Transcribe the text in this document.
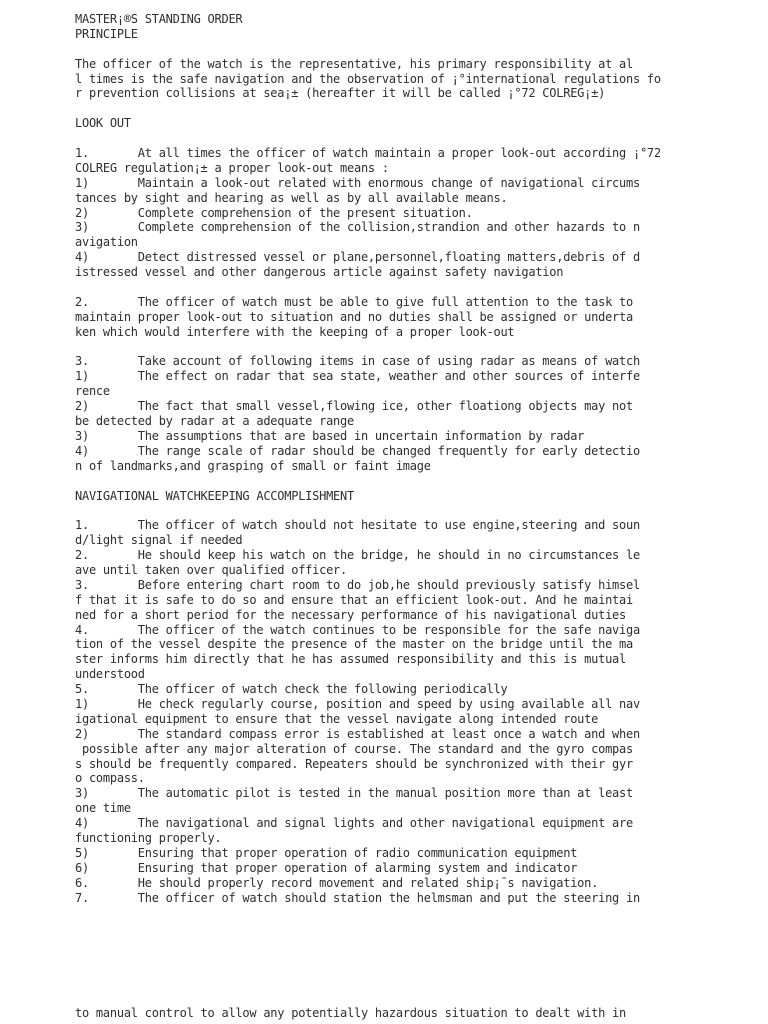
MASTER¡®S STANDING ORDER
PRINCIPLE
The officer of the watch is the representative, his primary responsibility at al
l times is the safe navigation and the observation of ¡°international regulations fo
r prevention collisions at sea¡± (hereafter it will be called ¡°72 COLREG¡±)
LOOK OUT
1.       At all times the officer of watch maintain a proper look-out according ¡°72
COLREG regulation¡± a proper look-out means :
1)       Maintain a look-out related with enormous change of navigational circums
tances by sight and hearing as well as by all available means.
2)       Complete comprehension of the present situation.
3)       Complete comprehension of the collision,strandion and other hazards to n
avigation
4)       Detect distressed vessel or plane,personnel,floating matters,debris of d
istressed vessel and other dangerous article against safety navigation
2.       The officer of watch must be able to give full attention to the task to
maintain proper look-out to situation and no duties shall be assigned or underta
ken which would interfere with the keeping of a proper look-out
3.       Take account of following items in case of using radar as means of watch
1)       The effect on radar that sea state, weather and other sources of interfe
rence
2)       The fact that small vessel,flowing ice, other floationg objects may not
be detected by radar at a adequate range
3)       The assumptions that are based in uncertain information by radar
4)       The range scale of radar should be changed frequently for early detectio
n of landmarks,and grasping of small or faint image
NAVIGATIONAL WATCHKEEPING ACCOMPLISHMENT
1.       The officer of watch should not hesitate to use engine,steering and soun
d/light signal if needed
2.       He should keep his watch on the bridge, he should in no circumstances le
ave until taken over qualified officer.
3.       Before entering chart room to do job,he should previously satisfy himsel
f that it is safe to do so and ensure that an efficient look-out. And he maintai
ned for a short period for the necessary performance of his navigational duties
4.       The officer of the watch continues to be responsible for the safe naviga
tion of the vessel despite the presence of the master on the bridge until the ma
ster informs him directly that he has assumed responsibility and this is mutual
understood
5.       The officer of watch check the following periodically
1)       He check regularly course, position and speed by using available all nav
igational equipment to ensure that the vessel navigate along intended route
2)       The standard compass error is established at least once a watch and when
possible after any major alteration of course. The standard and the gyro compas
s should be frequently compared. Repeaters should be synchronized with their gyr
o compass.
3)       The automatic pilot is tested in the manual position more than at least
one time
4)       The navigational and signal lights and other navigational equipment are
functioning properly.
5)       Ensuring that proper operation of radio communication equipment
6)       Ensuring that proper operation of alarming system and indicator
6.       He should properly record movement and related ship¡¯s navigation.
7.       The officer of watch should station the helmsman and put the steering in
to manual control to allow any potentially hazardous situation to dealt with in
